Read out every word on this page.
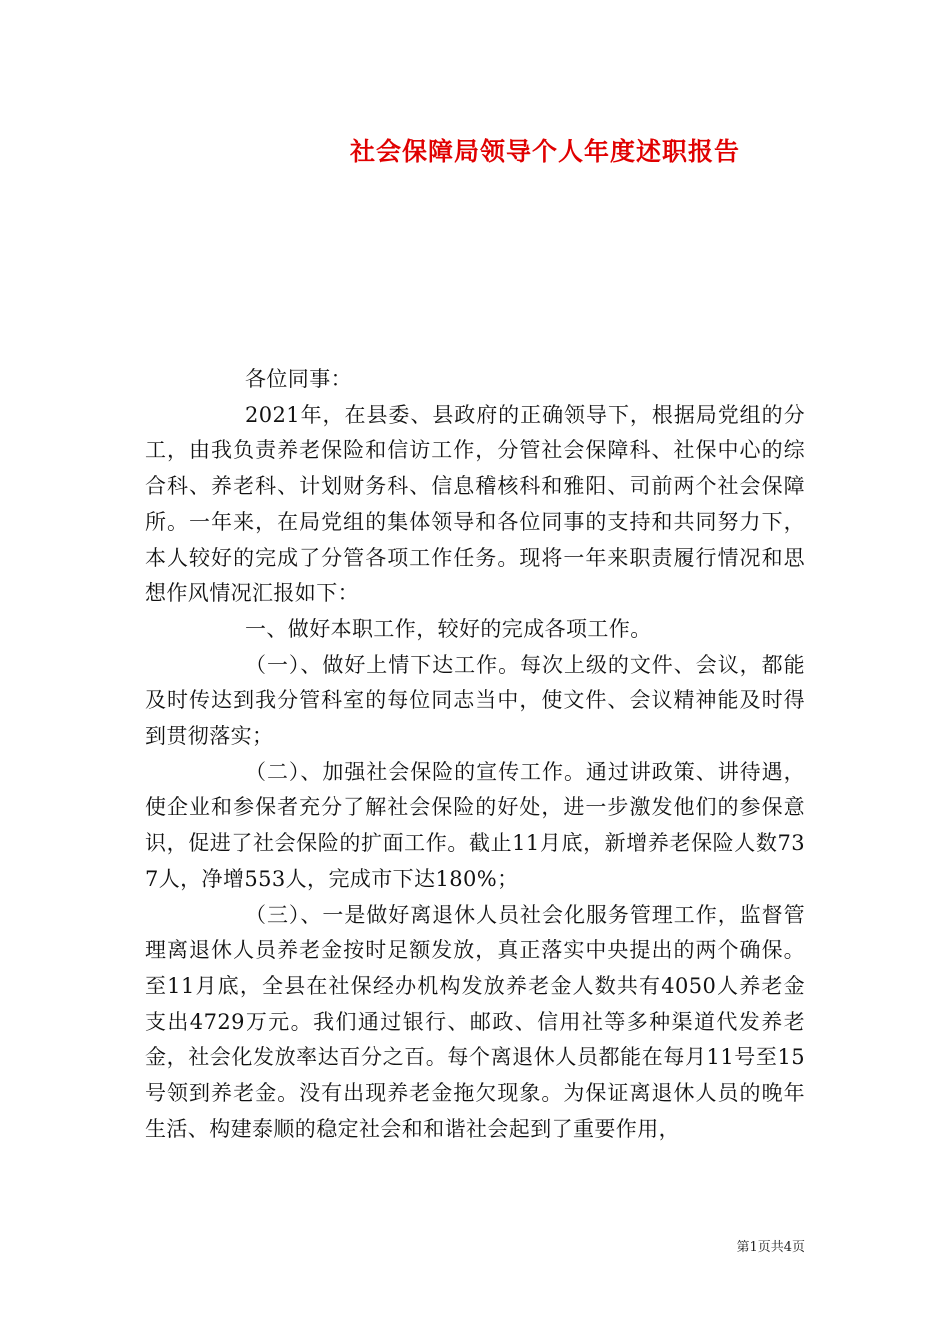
社会保障局领导个人年度述职报告

各位同事：

2021年，在县委、县政府的正确领导下，根据局党组的分工，由我负责养老保险和信访工作，分管社会保障科、社保中心的综合科、养老科、计划财务科、信息稽核科和雅阳、司前两个社会保障所。一年来，在局党组的集体领导和各位同事的支持和共同努力下，本人较好的完成了分管各项工作任务。现将一年来职责履行情况和思想作风情况汇报如下：

一、做好本职工作，较好的完成各项工作。

（一）、做好上情下达工作。每次上级的文件、会议，都能及时传达到我分管科室的每位同志当中，使文件、会议精神能及时得到贯彻落实；

（二）、加强社会保险的宣传工作。通过讲政策、讲待遇，使企业和参保者充分了解社会保险的好处，进一步激发他们的参保意识，促进了社会保险的扩面工作。截止11月底，新增养老保险人数737人，净增553人，完成市下达180%；

（三）、一是做好离退休人员社会化服务管理工作，监督管理离退休人员养老金按时足额发放，真正落实中央提出的两个确保。至11月底，全县在社保经办机构发放养老金人数共有4050人养老金支出4729万元。我们通过银行、邮政、信用社等多种渠道代发养老金，社会化发放率达百分之百。每个离退休人员都能在每月11号至15号领到养老金。没有出现养老金拖欠现象。为保证离退休人员的晚年生活、构建泰顺的稳定社会和和谐社会起到了重要作用，

第1页共4页
